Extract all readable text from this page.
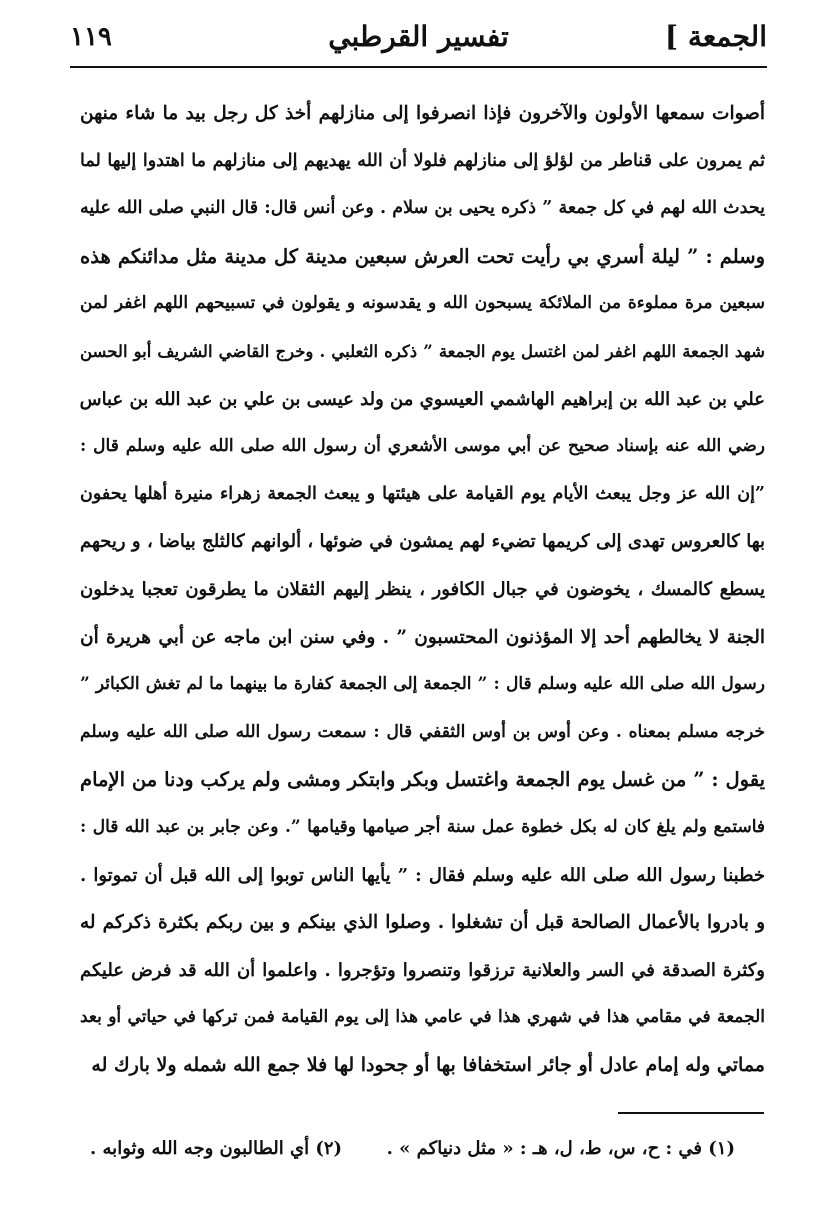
١١٩	تفسير القرطبي	الجمعة ]
أصوات سمعها الأولون والآخرون فإذا انصرفوا إلى منازلهم أخذ كل رجل بيد ما شاء منهن
ثم يمرون على قناطر من لؤلؤ إلى منازلهم فلولا أن الله يهديهم إلى منازلهم ما اهتدوا إليها لما
يحدث الله لهم في كل جمعة ” ذكره يحيى بن سلام . وعن أنس قال: قال النبي صلى الله عليه
وسلم : ” ليلة أسري بي رأيت تحت العرش سبعين مدينة كل مدينة مثل مدائنكم هذه
سبعين مرة مملوءة من الملائكة يسبحون الله و يقدسونه و يقولون في تسبيحهم اللهم اغفر لمن
شهد الجمعة اللهم اغفر لمن اغتسل يوم الجمعة ” ذكره الثعلبي . وخرج القاضي الشريف أبو الحسن
علي بن عبد الله بن إبراهيم الهاشمي العيسوي من ولد عيسى بن علي بن عبد الله بن عباس
رضي الله عنه بإسناد صحيح عن أبي موسى الأشعري أن رسول الله صلى الله عليه وسلم قال :
”إن الله عز وجل يبعث الأيام يوم القيامة على هيئتها و يبعث الجمعة زهراء منيرة أهلها يحفون
بها كالعروس تهدى إلى كريمها تضيء لهم يمشون في ضوئها ، ألوانهم كالثلج بياضا ، و ريحهم
يسطع كالمسك ، يخوضون في جبال الكافور ، ينظر إليهم الثقلان ما يطرقون تعجبا يدخلون
الجنة لا يخالطهم أحد إلا المؤذنون المحتسبون ” . وفي سنن ابن ماجه عن أبي هريرة أن
رسول الله صلى الله عليه وسلم قال : ” الجمعة إلى الجمعة كفارة ما بينهما ما لم تغش الكبائر ”
خرجه مسلم بمعناه . وعن أوس بن أوس الثقفي قال : سمعت رسول الله صلى الله عليه وسلم
يقول : ” من غسل يوم الجمعة واغتسل وبكر وابتكر ومشى ولم يركب ودنا من الإمام
فاستمع ولم يلغ كان له بكل خطوة عمل سنة أجر صيامها وقيامها ”. وعن جابر بن عبد الله قال :
خطبنا رسول الله صلى الله عليه وسلم فقال : ” يأيها الناس توبوا إلى الله قبل أن تموتوا .
و بادروا بالأعمال الصالحة قبل أن تشغلوا . وصلوا الذي بينكم و بين ربكم بكثرة ذكركم له
وكثرة الصدقة في السر والعلانية ترزقوا وتنصروا وتؤجروا . واعلموا أن الله قد فرض عليكم
الجمعة في مقامي هذا في شهري هذا في عامي هذا إلى يوم القيامة فمن تركها في حياتي أو بعد
مماتي وله إمام عادل أو جائر استخفافا بها أو جحودا لها فلا جمع الله شمله ولا بارك له
(١) في : ح، س، ط، ل، هـ : « مثل دنياكم » .
(٢) أي الطالبون وجه الله وثوابه .
